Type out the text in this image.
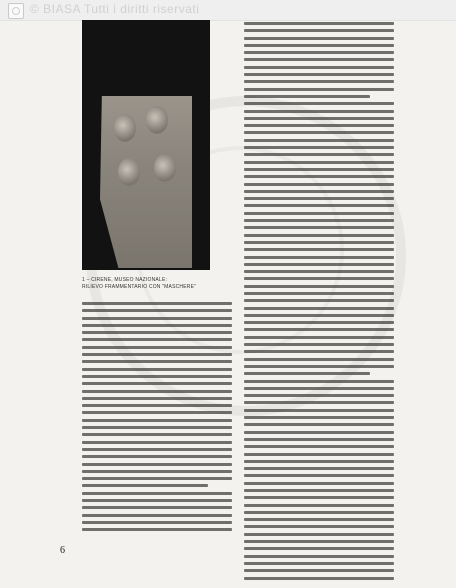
© BIASA Tutti i diritti riservati
1 – CIRENE, MUSEO NAZIONALE:
RILIEVO FRAMMENTARIO CON "MASCHERE"
6
